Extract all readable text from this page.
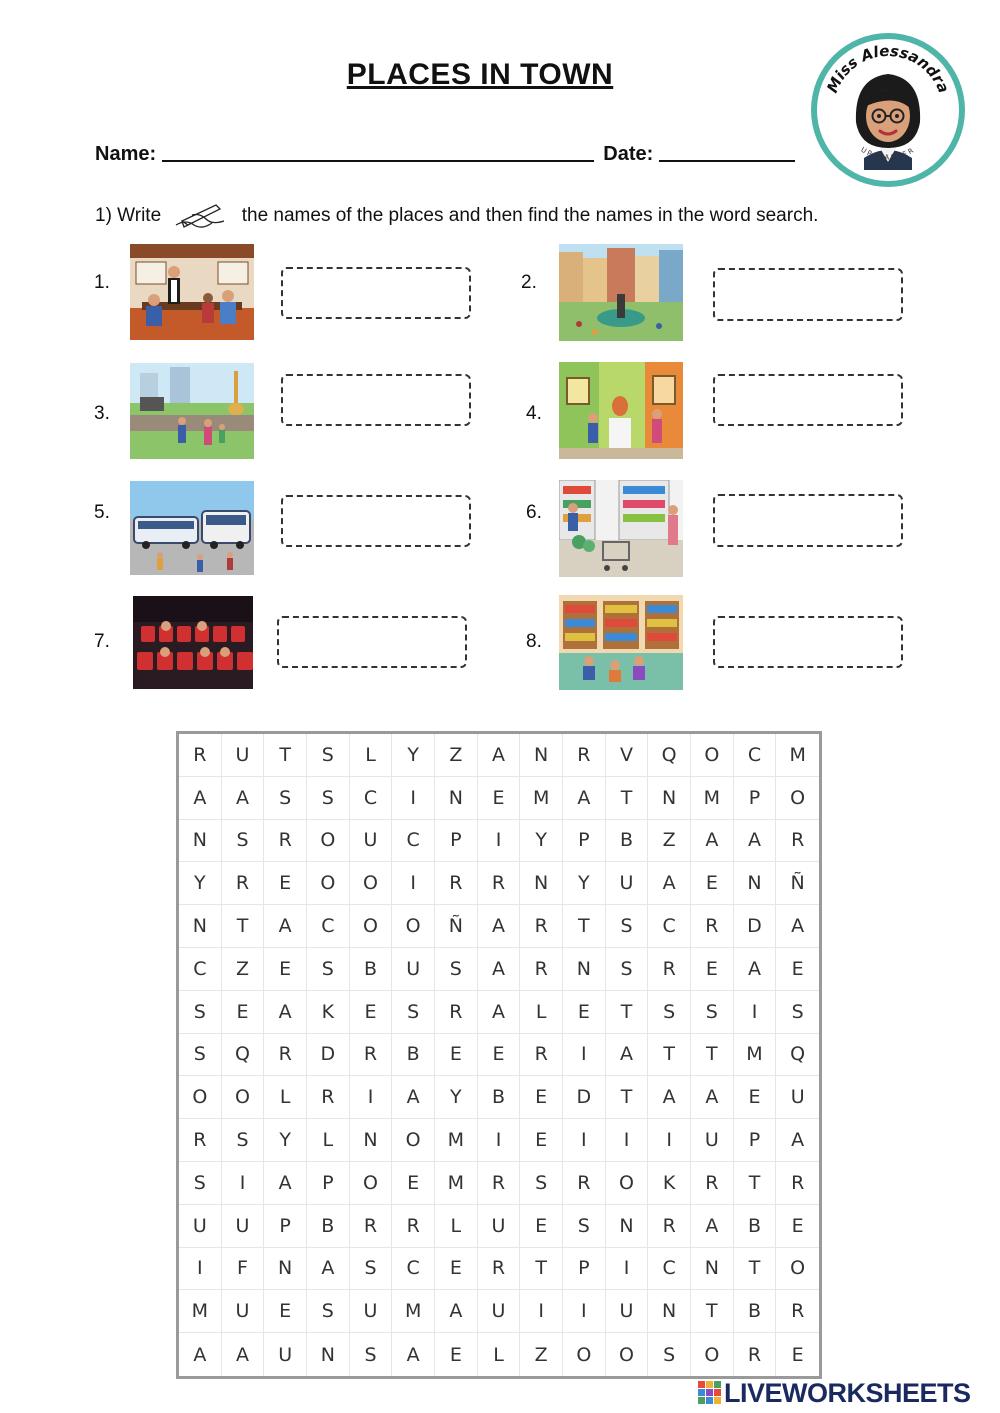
PLACES IN TOWN	Miss Alessandra
UP MASTER
Name:	Date:
1) Write	the names of the places and then find the names in the word search.
1.	2.
3.	4.
5.	6.
7.	8.
R	U	T	S	L	Y	Z	A	N	R	V	Q	O	C	M
A	A	S	S	C	I	N	E	M	A	T	N	M	P	O
N	S	R	O	U	C	P	I	Y	P	B	Z	A	A	R
Y	R	E	O	O	I	R	R	N	Y	U	A	E	N	Ñ
N	T	A	C	O	O	Ñ	A	R	T	S	C	R	D	A
C	Z	E	S	B	U	S	A	R	N	S	R	E	A	E
S	E	A	K	E	S	R	A	L	E	T	S	S	I	S
S	Q	R	D	R	B	E	E	R	I	A	T	T	M	Q
O	O	L	R	I	A	Y	B	E	D	T	A	A	E	U
R	S	Y	L	N	O	M	I	E	I	I	I	U	P	A
S	I	A	P	O	E	M	R	S	R	O	K	R	T	R
U	U	P	B	R	R	L	U	E	S	N	R	A	B	E
I	F	N	A	S	C	E	R	T	P	I	C	N	T	O
M	U	E	S	U	M	A	U	I	I	U	N	T	B	R
A	A	U	N	S	A	E	L	Z	O	O	S	O	R	E
LIVEWORKSHEETS
